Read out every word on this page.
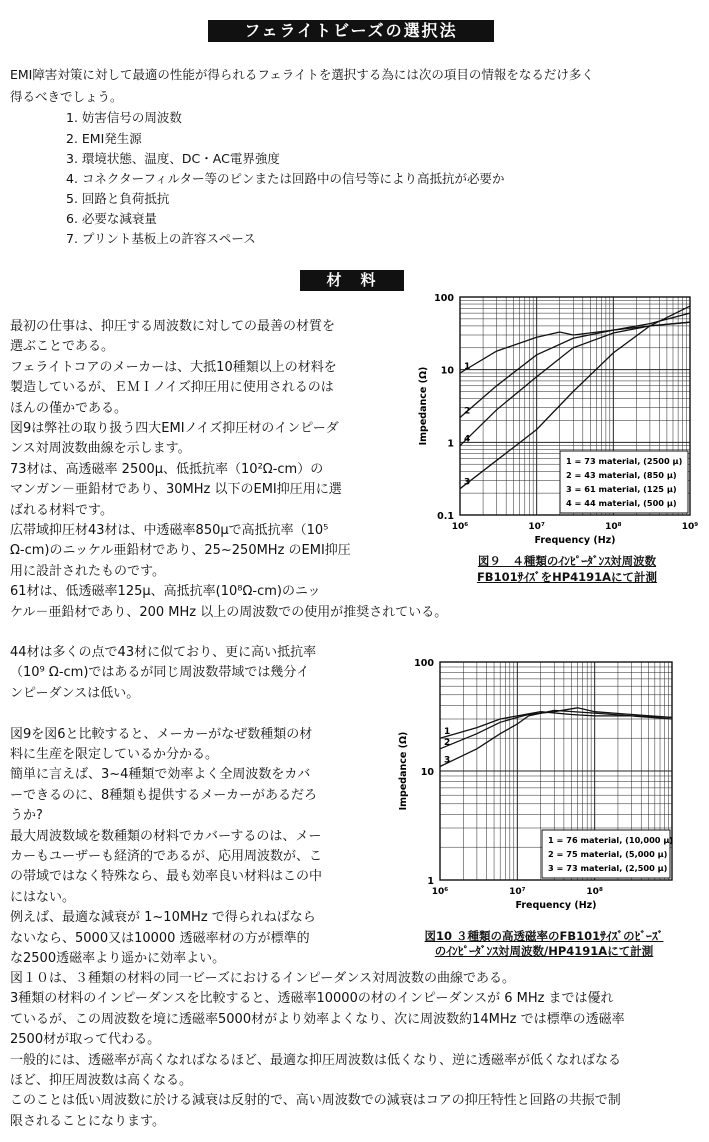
フェライトビーズの選択法
EMI障害対策に対して最適の性能が得られるフェライトを選択する為には次の項目の情報をなるだけ多く
得るべきでしょう。
1. 妨害信号の周波数
2. EMI発生源
3. 環境状態、温度、DC・AC電界強度
4. コネクターフィルター等のピンまたは回路中の信号等により高抵抗が必要か
5. 回路と負荷抵抗
6. 必要な減衰量
7. プリント基板上の許容スペース
材　料
最初の仕事は、抑圧する周波数に対しての最善の材質を
選ぶことである。
フェライトコアのメーカーは、大抵10種類以上の材料を
製造しているが、ＥＭＩノイズ抑圧用に使用されるのは
ほんの僅かである。
図9は弊社の取り扱う四大EMIノイズ抑圧材のインピーダ
ンス対周波数曲線を示します。
73材は、高透磁率 2500μ、低抵抗率（10²Ω-cm）の
マンガン－亜鉛材であり、30MHz 以下のEMI抑圧用に選
ばれる材料です。
広帯域抑圧材43材は、中透磁率850μで高抵抗率（10⁵
Ω-cm)のニッケル亜鉛材であり、25~250MHz のEMI抑圧
用に設計されたものです。
61材は、低透磁率125μ、高抵抗率(10⁸Ω-cm)のニッ
ケル－亜鉛材であり、200 MHz 以上の周波数での使用が推奨されている。
44材は多くの点で43材に似ており、更に高い抵抗率
（10⁹ Ω-cm)ではあるが同じ周波数帯域では幾分イ
ンピーダンスは低い。
図9を図6と比較すると、メーカーがなぜ数種類の材
料に生産を限定しているか分かる。
簡単に言えば、3~4種類で効率よく全周波数をカバ
ーできるのに、8種類も提供するメーカーがあるだろ
うか?
最大周波数域を数種類の材料でカバーするのは、メー
カーもユーザーも経済的であるが、応用周波数が、こ
の帯域ではなく特殊なら、最も効率良い材料はこの中
にはない。
例えば、最適な減衰が 1~10MHz で得られねばなら
ないなら、5000又は10000 透磁率材の方が標準的
な2500透磁率より遥かに効率よい。
図１０は、３種類の材料の同一ビーズにおけるインピーダンス対周波数の曲線である。
3種類の材料のインピーダンスを比較すると、透磁率10000の材のインピーダンスが 6 MHz までは優れ
ているが、この周波数を境に透磁率5000材がより効率よくなり、次に周波数約14MHz では標準の透磁率
2500材が取って代わる。
一般的には、透磁率が高くなればなるほど、最適な抑圧周波数は低くなり、逆に透磁率が低くなればなる
ほど、抑圧周波数は高くなる。
このことは低い周波数に於ける減衰は反射的で、高い周波数での減衰はコアの抑圧特性と回路の共振で制
限されることになります。
10⁶	10⁷	10⁸	10⁹
0.1
1
10
100
Frequency (Hz)
Impedance (Ω)	1
2
3
4
1 = 73 material, (2500 μ)
2 = 43 material, (850 μ)
3 = 61 material, (125 μ)
4 = 44 material, (500 μ)
図９　４種類のｲﾝﾋﾟｰﾀﾞﾝｽ対周波数
FB101ｻｲｽﾞをHP4191Aにて計測
10⁶	10⁷	10⁸
1
10
100
Frequency (Hz)
Impedance (Ω)	1
2
3
1 = 76 material, (10,000 μ)
2 = 75 material, (5,000 μ)
3 = 73 material, (2,500 μ)
図10 ３種類の高透磁率のFB101ｻｲｽﾞのﾋﾞｰｽﾞ
のｲﾝﾋﾟｰﾀﾞﾝｽ対周波数/HP4191Aにて計測
